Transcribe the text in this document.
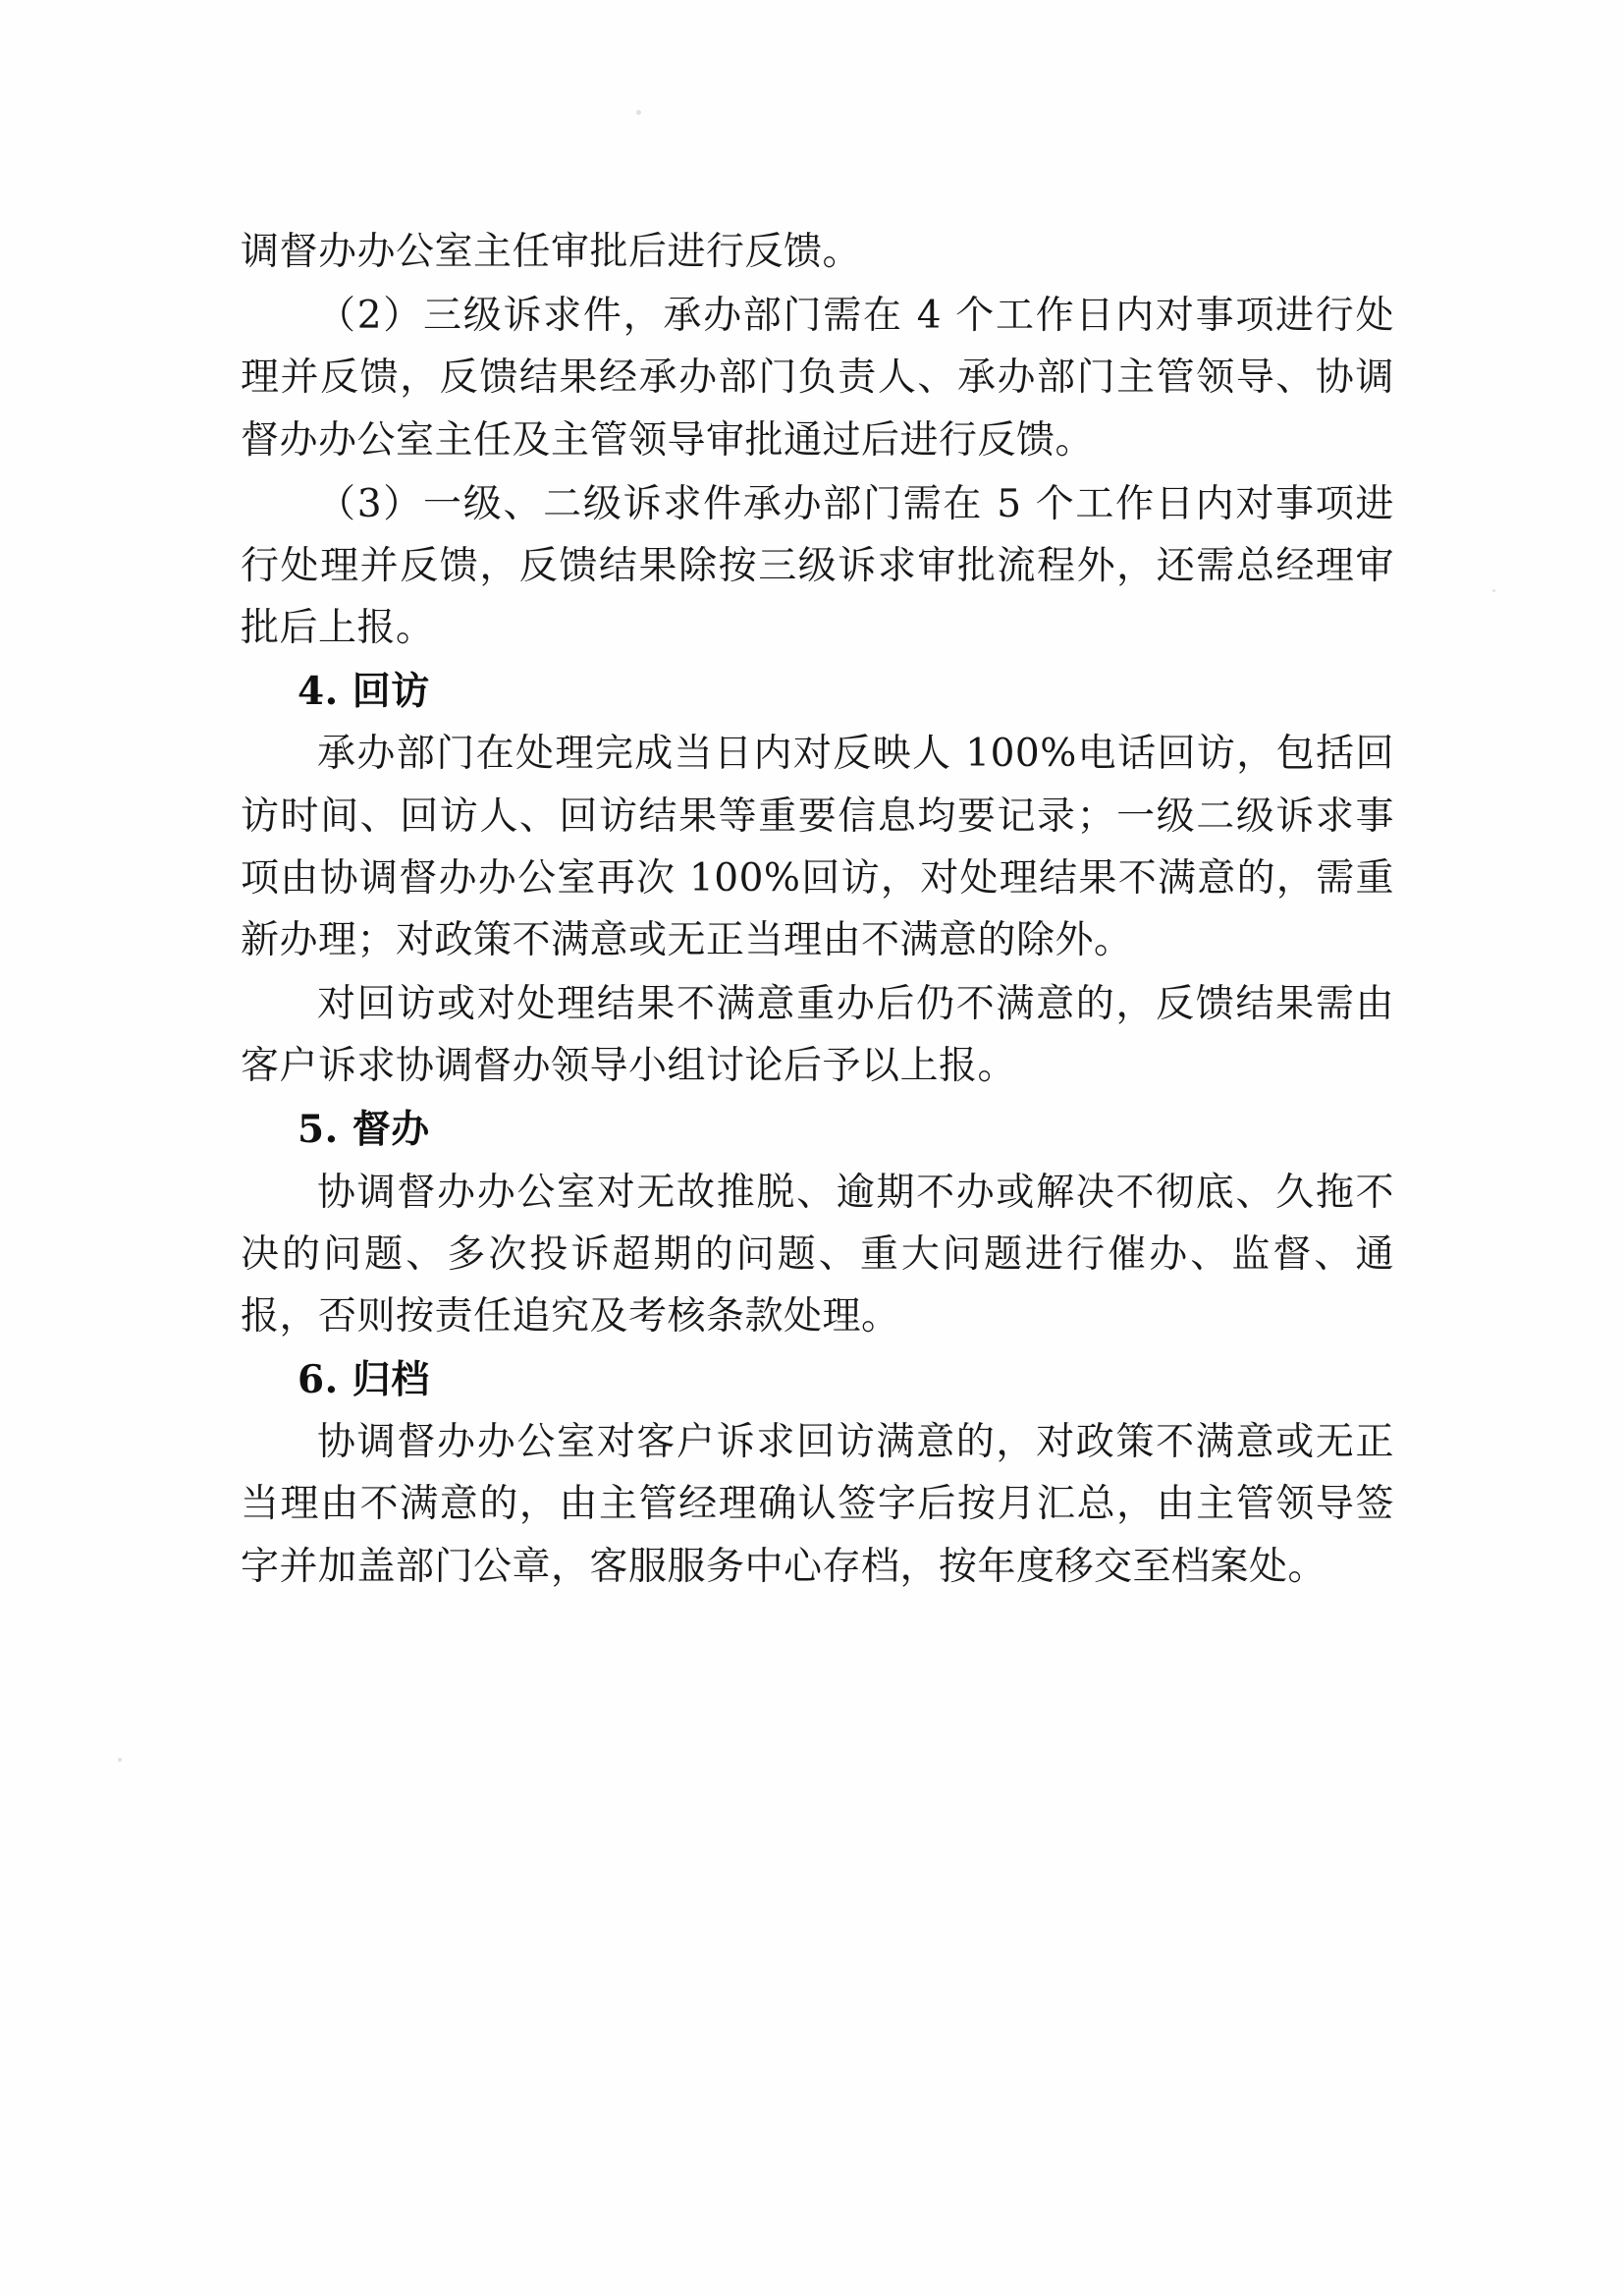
调督办办公室主任审批后进行反馈。

（2）三级诉求件，承办部门需在 4 个工作日内对事项进行处理并反馈，反馈结果经承办部门负责人、承办部门主管领导、协调督办办公室主任及主管领导审批通过后进行反馈。

（3）一级、二级诉求件承办部门需在 5 个工作日内对事项进行处理并反馈，反馈结果除按三级诉求审批流程外，还需总经理审批后上报。

4. 回访

承办部门在处理完成当日内对反映人 100%电话回访，包括回访时间、回访人、回访结果等重要信息均要记录；一级二级诉求事项由协调督办办公室再次 100%回访，对处理结果不满意的，需重新办理；对政策不满意或无正当理由不满意的除外。

对回访或对处理结果不满意重办后仍不满意的，反馈结果需由客户诉求协调督办领导小组讨论后予以上报。

5. 督办

协调督办办公室对无故推脱、逾期不办或解决不彻底、久拖不决的问题、多次投诉超期的问题、重大问题进行催办、监督、通报，否则按责任追究及考核条款处理。

6. 归档

协调督办办公室对客户诉求回访满意的，对政策不满意或无正当理由不满意的，由主管经理确认签字后按月汇总，由主管领导签字并加盖部门公章，客服服务中心存档，按年度移交至档案处。
